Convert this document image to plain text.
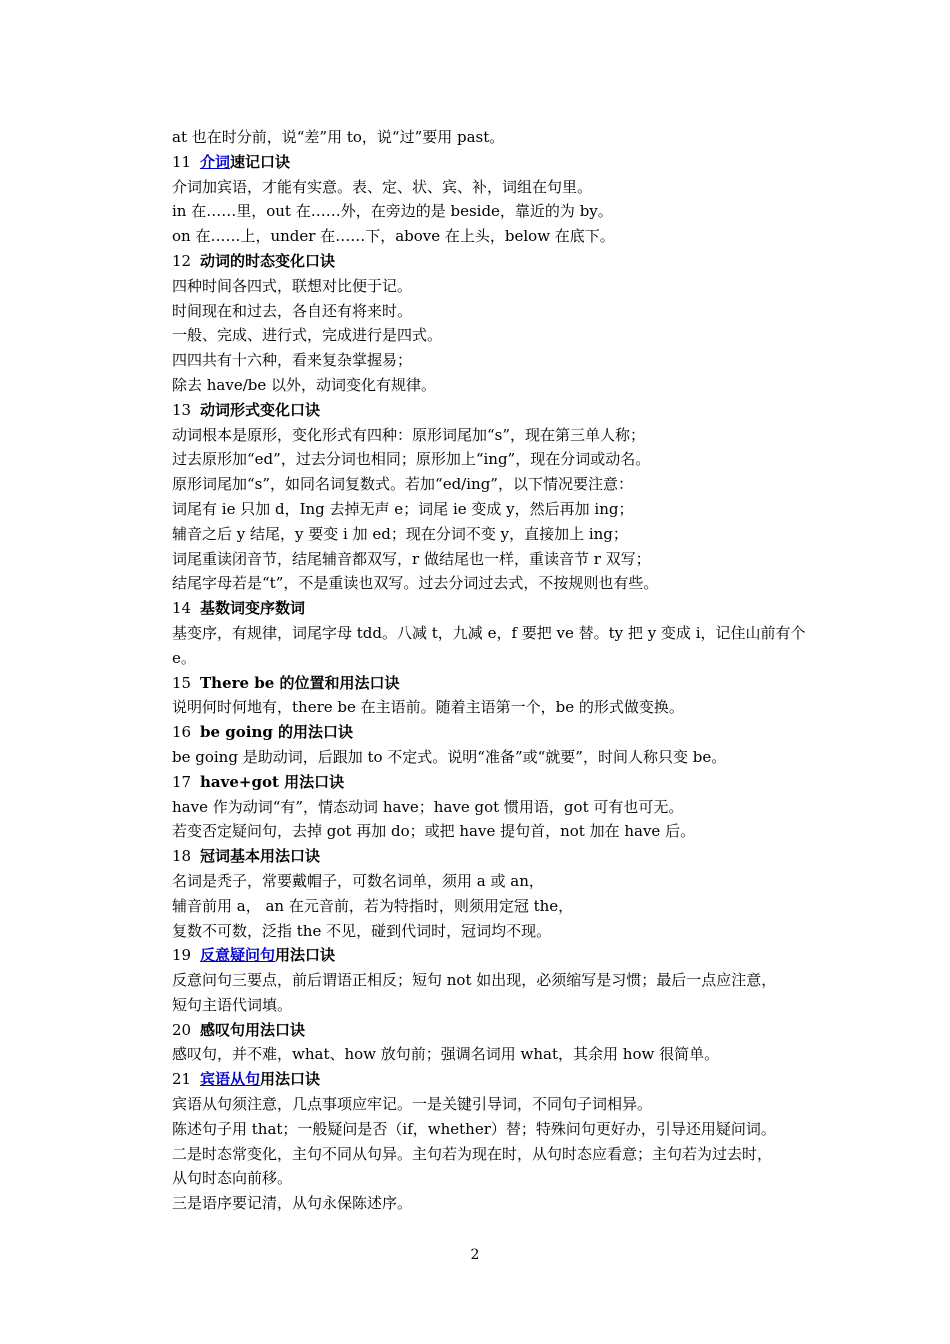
at 也在时分前，说“差”用 to，说“过”要用 past。
11 介词速记口诀
介词加宾语，才能有实意。表、定、状、宾、补，词组在句里。
in 在……里，out 在……外，在旁边的是 beside，靠近的为 by。
on 在……上，under 在……下，above 在上头，below 在底下。
12 动词的时态变化口诀
四种时间各四式，联想对比便于记。
时间现在和过去，各自还有将来时。
一般、完成、进行式，完成进行是四式。
四四共有十六种，看来复杂掌握易；
除去 have/be 以外，动词变化有规律。
13 动词形式变化口诀
动词根本是原形，变化形式有四种：原形词尾加“s”，现在第三单人称；
过去原形加“ed”，过去分词也相同；原形加上“ing”，现在分词或动名。
原形词尾加“s”，如同名词复数式。若加“ed/ing”，以下情况要注意：
词尾有 ie 只加 d，Ing 去掉无声 e；词尾 ie 变成 y，然后再加 ing；
辅音之后 y 结尾，y 要变 i 加 ed；现在分词不变 y，直接加上 ing；
词尾重读闭音节，结尾辅音都双写，r 做结尾也一样，重读音节 r 双写；
结尾字母若是“t”，不是重读也双写。过去分词过去式，不按规则也有些。
14 基数词变序数词
基变序，有规律，词尾字母 tdd。八减 t，九减 e，f 要把 ve 替。ty 把 y 变成 i，记住山前有个
e。
15 There be 的位置和用法口诀
说明何时何地有，there be 在主语前。随着主语第一个，be 的形式做变换。
16 be going 的用法口诀
be going 是助动词，后跟加 to 不定式。说明“准备”或“就要”，时间人称只变 be。
17 have+got 用法口诀
have 作为动词“有”，情态动词 have；have got 惯用语，got 可有也可无。
若变否定疑问句，去掉 got 再加 do；或把 have 提句首，not 加在 have 后。
18 冠词基本用法口诀
名词是秃子，常要戴帽子，可数名词单，须用 a 或 an，
辅音前用 a， an 在元音前，若为特指时，则须用定冠 the，
复数不可数，泛指 the 不见，碰到代词时，冠词均不现。
19 反意疑问句用法口诀
反意问句三要点，前后谓语正相反；短句 not 如出现，必须缩写是习惯；最后一点应注意，
短句主语代词填。
20 感叹句用法口诀
感叹句，并不难，what、how 放句前；强调名词用 what，其余用 how 很简单。
21 宾语从句用法口诀
宾语从句须注意，几点事项应牢记。一是关键引导词，不同句子词相异。
陈述句子用 that；一般疑问是否（if，whether）替；特殊问句更好办，引导还用疑问词。
二是时态常变化，主句不同从句异。主句若为现在时，从句时态应看意；主句若为过去时，
从句时态向前移。
三是语序要记清，从句永保陈述序。
2
